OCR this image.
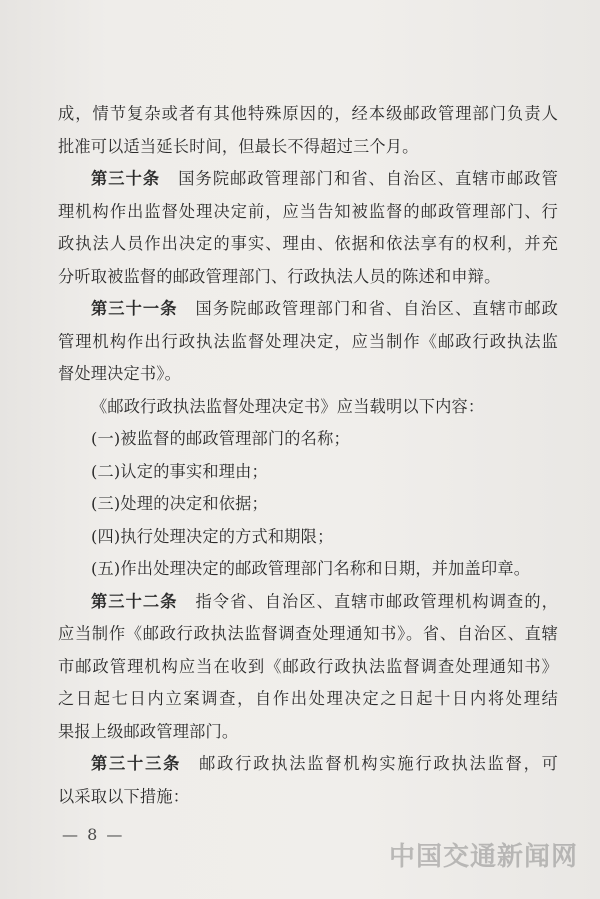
成，情节复杂或者有其他特殊原因的，经本级邮政管理部门负责人
批准可以适当延长时间，但最长不得超过三个月。
第三十条 国务院邮政管理部门和省、自治区、直辖市邮政管
理机构作出监督处理决定前，应当告知被监督的邮政管理部门、行
政执法人员作出决定的事实、理由、依据和依法享有的权利，并充
分听取被监督的邮政管理部门、行政执法人员的陈述和申辩。
第三十一条 国务院邮政管理部门和省、自治区、直辖市邮政
管理机构作出行政执法监督处理决定，应当制作《邮政行政执法监
督处理决定书》。
《邮政行政执法监督处理决定书》应当载明以下内容：
(一)被监督的邮政管理部门的名称；
(二)认定的事实和理由；
(三)处理的决定和依据；
(四)执行处理决定的方式和期限；
(五)作出处理决定的邮政管理部门名称和日期，并加盖印章。
第三十二条 指令省、自治区、直辖市邮政管理机构调查的，
应当制作《邮政行政执法监督调查处理通知书》。省、自治区、直辖
市邮政管理机构应当在收到《邮政行政执法监督调查处理通知书》
之日起七日内立案调查，自作出处理决定之日起十日内将处理结
果报上级邮政管理部门。
第三十三条 邮政行政执法监督机构实施行政执法监督，可
以采取以下措施：
— 8 —
中国交通新闻网
